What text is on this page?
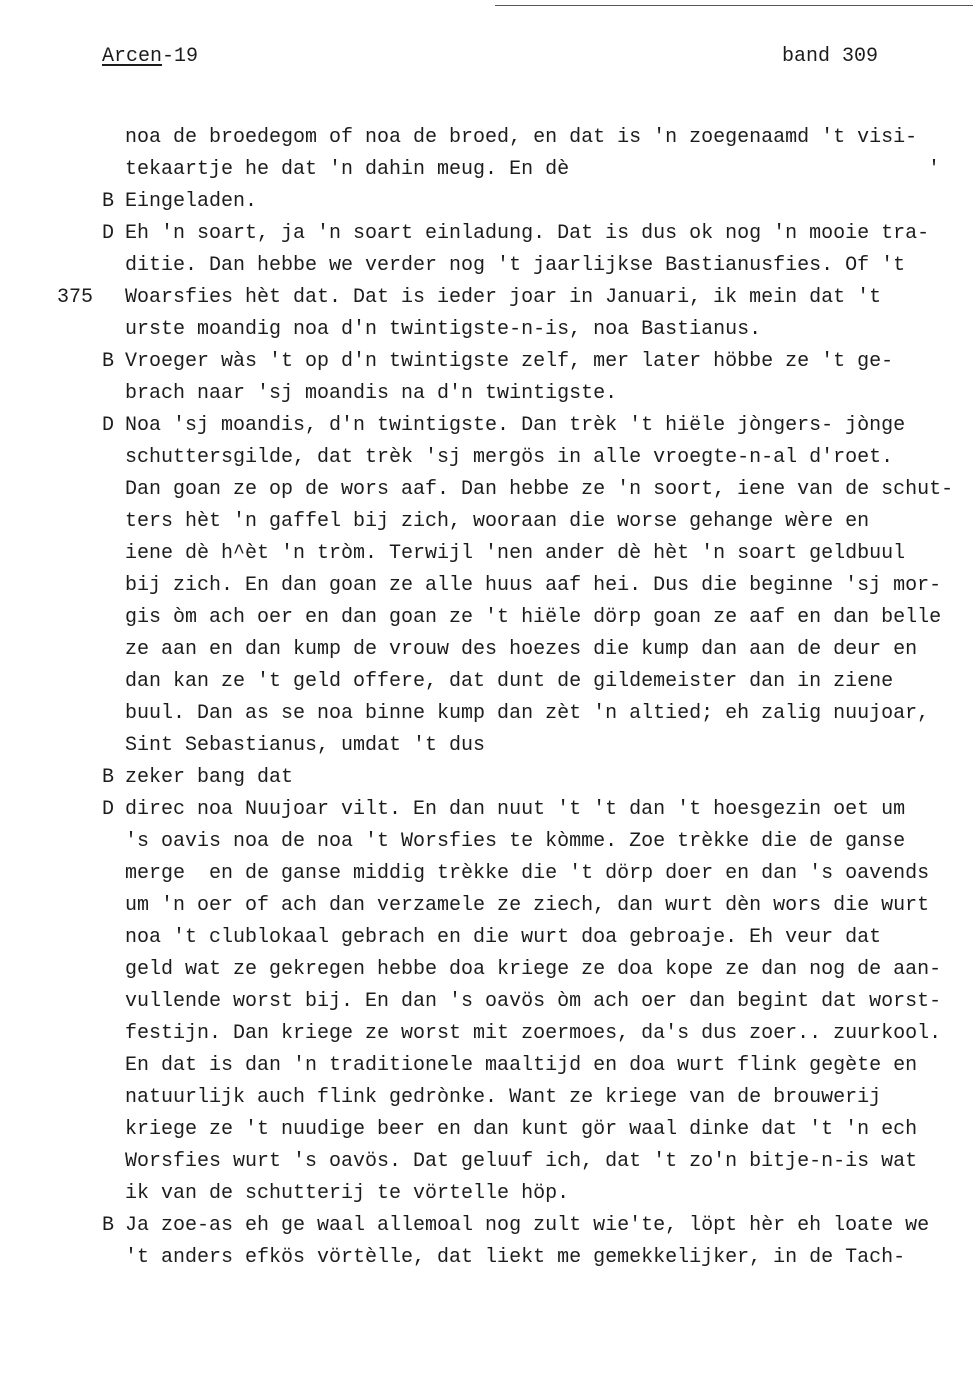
Arcen-19	band 309
'
noa de broedegom of noa de broed, en dat is 'n zoegenaamd 't visi-
tekaartje he dat 'n dahin meug. En dè
B Eingeladen.
D Eh 'n soart, ja 'n soart einladung. Dat is dus ok nog 'n mooie tra-
ditie. Dan hebbe we verder nog 't jaarlijkse Bastianusfies. Of 't
375 Woarsfies hèt dat. Dat is ieder joar in Januari, ik mein dat 't
urste moandig noa d'n twintigste-n-is, noa Bastianus.
B Vroeger wàs 't op d'n twintigste zelf, mer later höbbe ze 't ge-
brach naar 'sj moandis na d'n twintigste.
D Noa 'sj moandis, d'n twintigste. Dan trèk 't hiële jòngers- jònge
schuttersgilde, dat trèk 'sj mergös in alle vroegte-n-al d'roet.
Dan goan ze op de wors aaf. Dan hebbe ze 'n soort, iene van de schut-
ters hèt 'n gaffel bij zich, wooraan die worse gehange wère en
iene dè h^èt 'n tròm. Terwijl 'nen ander dè hèt 'n soart geldbuul
bij zich. En dan goan ze alle huus aaf hei. Dus die beginne 'sj mor-
gis òm ach oer en dan goan ze 't hiële dörp goan ze aaf en dan belle
ze aan en dan kump de vrouw des hoezes die kump dan aan de deur en
dan kan ze 't geld offere, dat dunt de gildemeister dan in ziene
buul. Dan as se noa binne kump dan zèt 'n altied; eh zalig nuujoar,
Sint Sebastianus, umdat 't dus
B zeker bang dat
D direc noa Nuujoar vilt. En dan nuut 't 't dan 't hoesgezin oet um
's oavis noa de noa 't Worsfies te kòmme. Zoe trèkke die de ganse
merge  en de ganse middig trèkke die 't dörp doer en dan 's oavends
um 'n oer of ach dan verzamele ze ziech, dan wurt dèn wors die wurt
noa 't clublokaal gebrach en die wurt doa gebroaje. Eh veur dat
geld wat ze gekregen hebbe doa kriege ze doa kope ze dan nog de aan-
vullende worst bij. En dan 's oavös òm ach oer dan begint dat worst-
festijn. Dan kriege ze worst mit zoermoes, da's dus zoer.. zuurkool.
En dat is dan 'n traditionele maaltijd en doa wurt flink gegète en
natuurlijk auch flink gedrònke. Want ze kriege van de brouwerij
kriege ze 't nuudige beer en dan kunt gör waal dinke dat 't 'n ech
Worsfies wurt 's oavös. Dat geluuf ich, dat 't zo'n bitje-n-is wat
ik van de schutterij te vörtelle höp.
B Ja zoe-as eh ge waal allemoal nog zult wie'te, löpt hèr eh loate we
't anders efkös vörtèlle, dat liekt me gemekkelijker, in de Tach-
